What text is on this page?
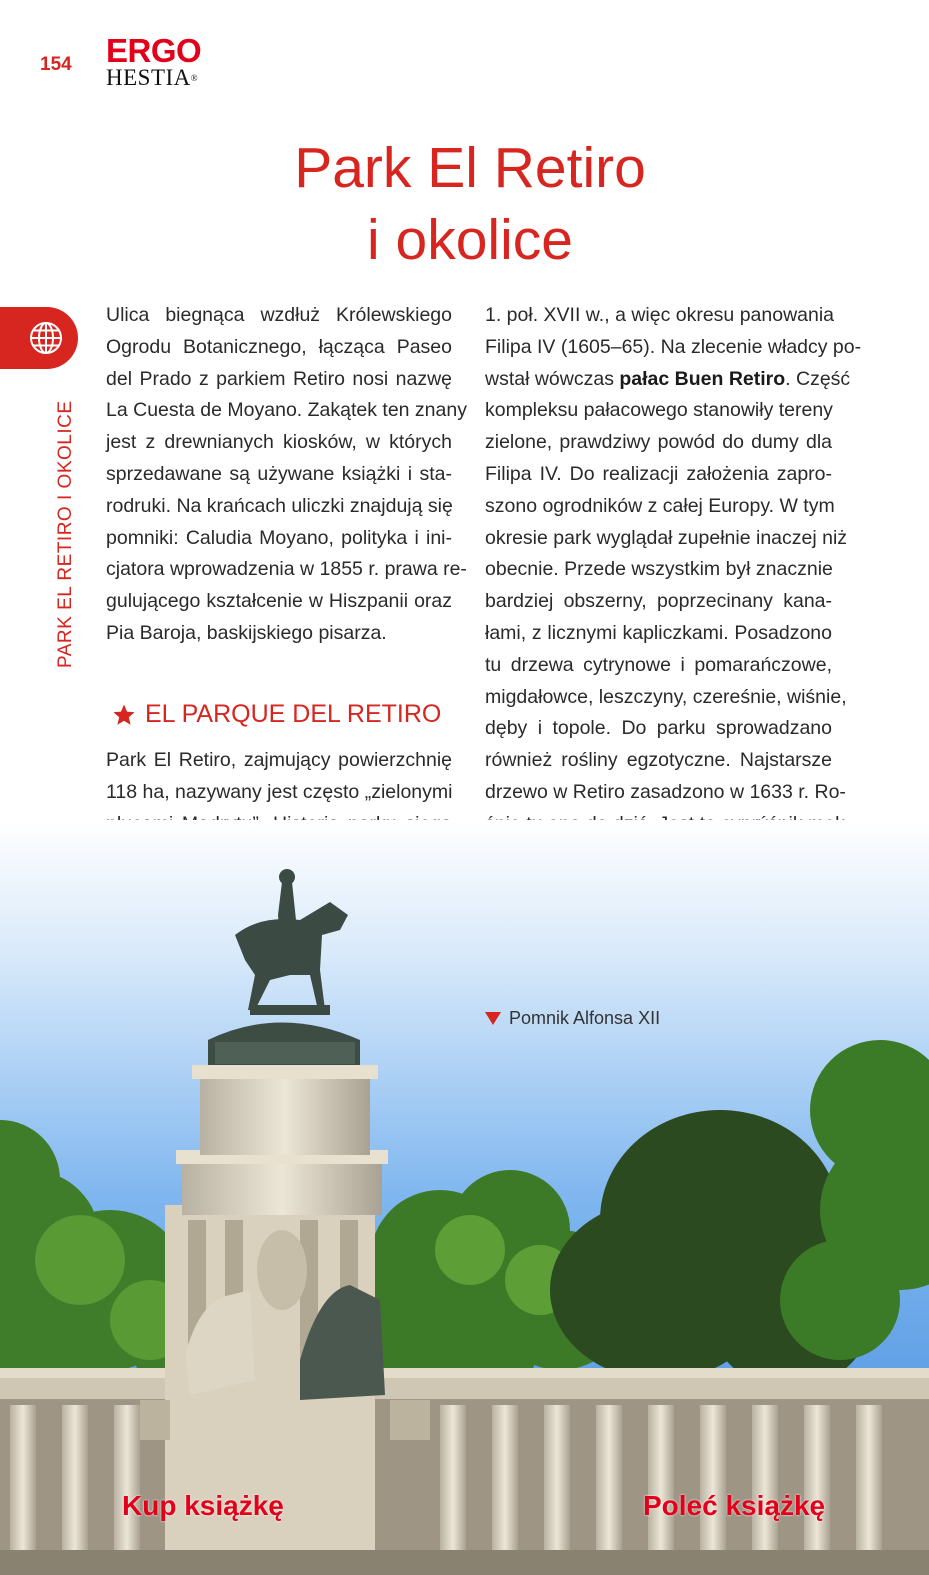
154 ERGO
HESTIA®
Park El Retiro
i okolice
PARK EL RETIRO I OKOLICE
Ulica biegnąca wzdłuż Królewskiego
Ogrodu Botanicznego, łącząca Paseo
del Prado z parkiem Retiro nosi nazwę
La Cuesta de Moyano. Zakątek ten znany
jest z drewnianych kiosków, w których
sprzedawane są używane książki i sta-
rodruki. Na krańcach uliczki znajdują się
pomniki: Caludia Moyano, polityka i ini-
cjatora wprowadzenia w 1855 r. prawa re-
gulującego kształcenie w Hiszpanii oraz
Pia Baroja, baskijskiego pisarza.
EL PARQUE DEL RETIRO
Park El Retiro, zajmujący powierzchnię
118 ha, nazywany jest często „zielonymi
1. poł. XVII w., a więc okresu panowania
Filipa IV (1605–65). Na zlecenie władcy po-
wstał wówczas pałac Buen Retiro. Część
kompleksu pałacowego stanowiły tereny
zielone, prawdziwy powód do dumy dla
Filipa IV. Do realizacji założenia zapro-
szono ogrodników z całej Europy. W tym
okresie park wyglądał zupełnie inaczej niż
obecnie. Przede wszystkim był znacznie
bardziej obszerny, poprzecinany kana-
łami, z licznymi kapliczkami. Posadzono
tu drzewa cytrynowe i pomarańczowe,
migdałowce, leszczyny, czereśnie, wiśnie,
dęby i topole. Do parku sprowadzano
również rośliny egzotyczne. Najstarsze
drzewo w Retiro zasadzono w 1633 r. Ro-
Pomnik Alfonsa XII
Kup książkę	Poleć książkę
